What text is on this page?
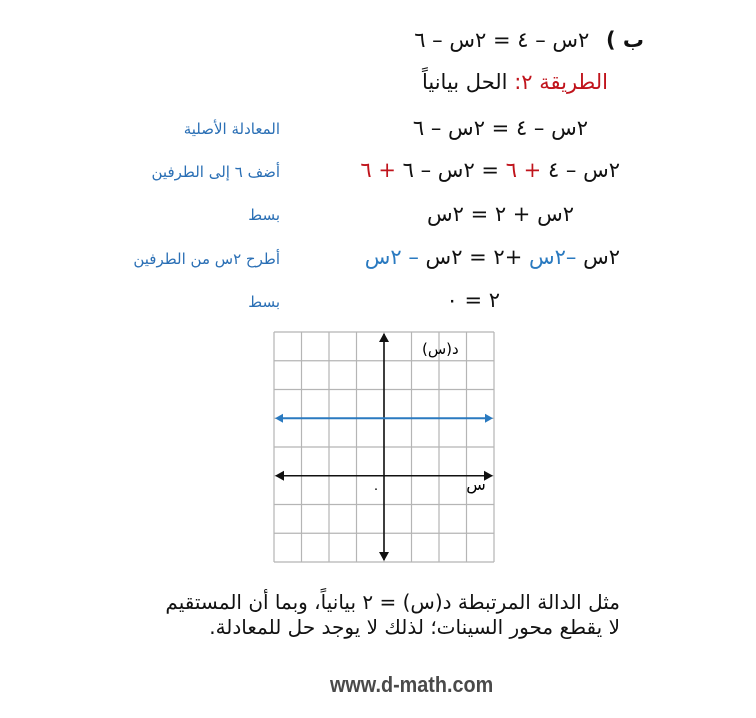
ب ) ٢س – ٤ = ٢س – ٦
الطريقة ٢: الحل بيانياً
المعادلة الأصلية	٢س – ٤ = ٢س – ٦
أضف ٦ إلى الطرفين	٢س – ٤ + ٦ = ٢س – ٦ + ٦
بسط	٢س + ٢ = ٢س
أطرح ٢س من الطرفين	٢س –٢س +٢ = ٢س – ٢س
بسط	٢ = ٠
د(س)
س
٠
مثل الدالة المرتبطة د(س) = ٢ بيانياً، وبما أن المستقيم لا يقطع محور السينات؛ لذلك لا يوجد حل للمعادلة.
www.d-math.com
